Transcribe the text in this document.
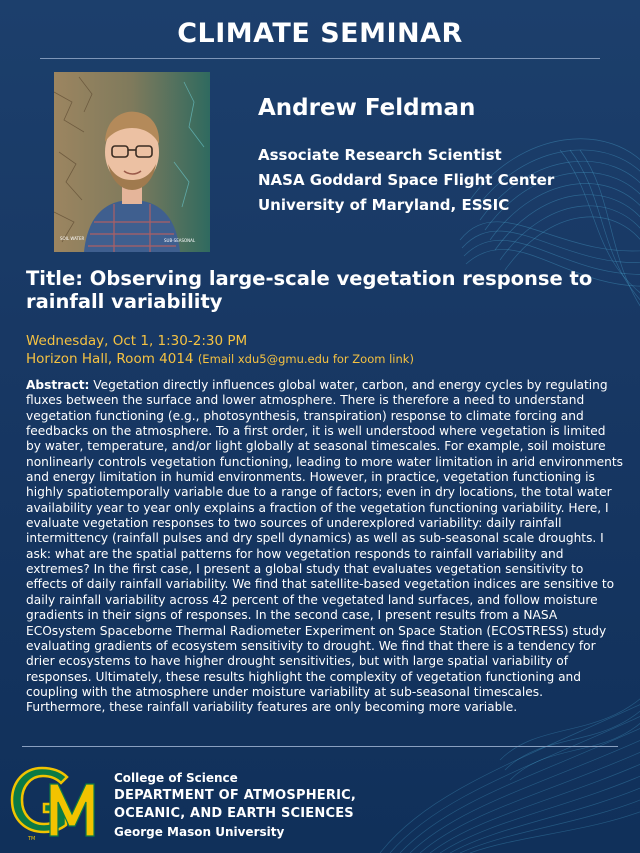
CLIMATE SEMINAR
SOIL WATER	SUB-SEASONAL
Andrew Feldman
Associate Research Scientist
NASA Goddard Space Flight Center
University of Maryland, ESSIC
Title: Observing large-scale vegetation response to rainfall variability
Wednesday, Oct 1, 1:30-2:30 PM
Horizon Hall, Room 4014 (Email xdu5@gmu.edu for Zoom link)
Abstract: Vegetation directly influences global water, carbon, and energy cycles by regulating fluxes between the surface and lower atmosphere. There is therefore a need to understand vegetation functioning (e.g., photosynthesis, transpiration) response to climate forcing and feedbacks on the atmosphere. To a first order, it is well understood where vegetation is limited by water, temperature, and/or light globally at seasonal timescales. For example, soil moisture nonlinearly controls vegetation functioning, leading to more water limitation in arid environments and energy limitation in humid environments. However, in practice, vegetation functioning is highly spatiotemporally variable due to a range of factors; even in dry locations, the total water availability year to year only explains a fraction of the vegetation functioning variability. Here, I evaluate vegetation responses to two sources of underexplored variability: daily rainfall intermittency (rainfall pulses and dry spell dynamics) as well as sub-seasonal scale droughts. I ask: what are the spatial patterns for how vegetation responds to rainfall variability and extremes? In the first case, I present a global study that evaluates vegetation sensitivity to effects of daily rainfall variability. We find that satellite-based vegetation indices are sensitive to daily rainfall variability across 42 percent of the vegetated land surfaces, and follow moisture gradients in their signs of responses. In the second case, I present results from a NASA ECOsystem Spaceborne Thermal Radiometer Experiment on Space Station (ECOSTRESS) study evaluating gradients of ecosystem sensitivity to drought. We find that there is a tendency for drier ecosystems to have higher drought sensitivities, but with large spatial variability of responses. Ultimately, these results highlight the complexity of vegetation functioning and coupling with the atmosphere under moisture variability at sub-seasonal timescales. Furthermore, these rainfall variability features are only becoming more variable.
TM
College of Science
DEPARTMENT OF ATMOSPHERIC,
OCEANIC, AND EARTH SCIENCES
George Mason University
